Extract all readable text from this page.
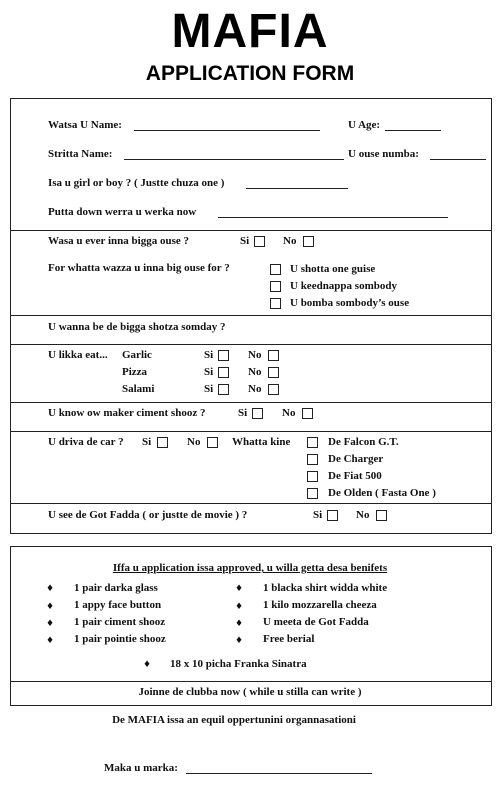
MAFIA
APPLICATION FORM
Watsa U Name:	U Age:
Stritta Name:	U ouse numba:
Isa u girl or boy ? ( Justte chuza one )
Putta down werra u werka now
Wasa u ever inna bigga ouse ?	Si	No
For whatta wazza u inna big ouse for ?	U shotta one guise
U keednappa sombody
U bomba sombody’s ouse
U wanna be de bigga shotza somday ?
U likka eat... Garlic	Si	No
Pizza	Si	No
Salami	Si	No
U know ow maker ciment shooz ?	Si	No
U driva de car ? Si	No	Whatta kine	De Falcon G.T.
De Charger
De Fiat 500
De Olden ( Fasta One )
U see de Got Fadda ( or justte de movie ) ?	Si	No
Iffa u application issa approved, u willa getta desa benifets
♦ 1 pair darka glass
♦ 1 appy face button
♦ 1 pair ciment shooz
♦ 1 pair pointie shooz
♦ 1 blacka shirt widda white
♦ 1 kilo mozzarella cheeza
♦ U meeta de Got Fadda
♦ Free berial
♦ 18 x 10 picha Franka Sinatra
Joinne de clubba now ( while u stilla can write )
De MAFIA issa an equil oppertunini organnasationi
Maka u marka:
